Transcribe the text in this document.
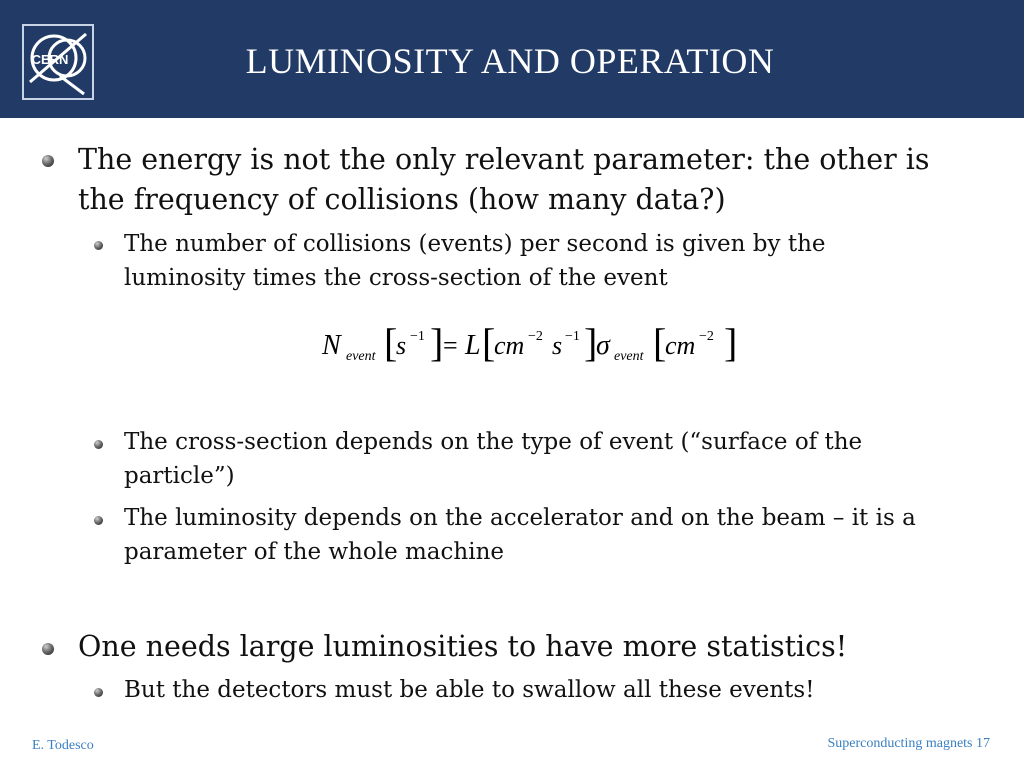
CERN	LUMINOSITY AND OPERATION
The energy is not the only relevant parameter: the other is the frequency of collisions (how many data?)
The number of collisions (events) per second is given by the luminosity times the cross-section of the event
N event [
s −1 ] = L [
cm −2 s −1 ]
σ event [
cm −2 ]
The cross-section depends on the type of event (“surface of the particle”)
The luminosity depends on the accelerator and on the beam – it is a parameter of the whole machine
One needs large luminosities to have more statistics!
But the detectors must be able to swallow all these events!
E. Todesco	Superconducting magnets 17
